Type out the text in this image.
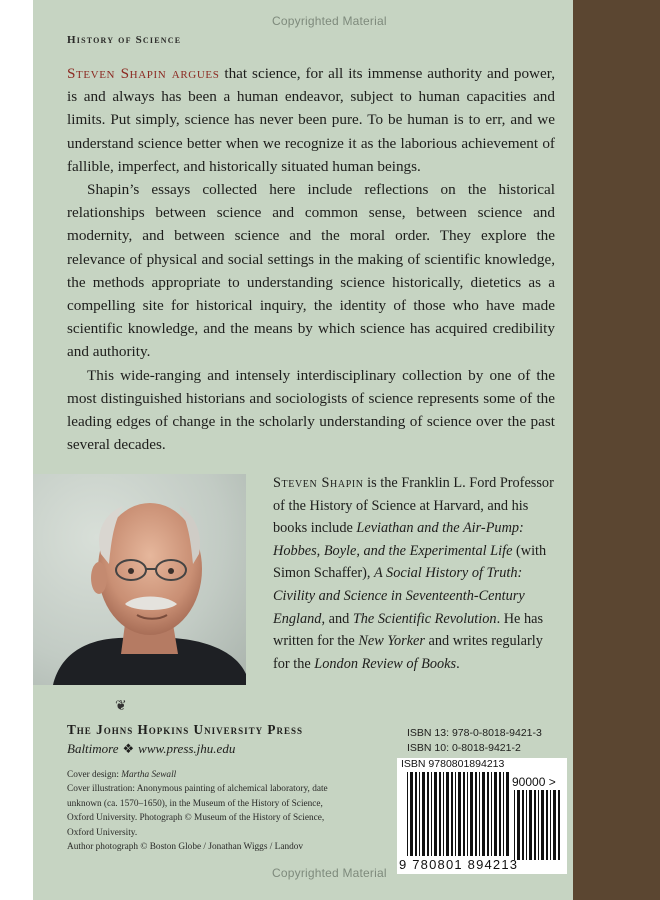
Copyrighted Material
History of Science

Steven Shapin argues that science, for all its immense authority and power, is and always has been a human endeavor, subject to human capacities and limits. Put simply, science has never been pure. To be human is to err, and we understand science better when we recognize it as the laborious achievement of fallible, imperfect, and historically situated human beings.

Shapin’s essays collected here include reflections on the historical relationships between science and common sense, between science and modernity, and between science and the moral order. They explore the relevance of physical and social settings in the making of scientific knowledge, the methods appropriate to understanding science historically, dietetics as a compelling site for historical inquiry, the identity of those who have made scientific knowledge, and the means by which science has acquired credibility and authority.

This wide-ranging and intensely interdisciplinary collection by one of the most distinguished historians and sociologists of science represents some of the leading edges of change in the scholarly understanding of science over the past several decades.

Steven Shapin is the Franklin L. Ford Professor of the History of Science at Harvard, and his books include Leviathan and the Air-Pump: Hobbes, Boyle, and the Experimental Life (with Simon Schaffer), A Social History of Truth: Civility and Science in Seventeenth-Century England, and The Scientific Revolution. He has written for the New Yorker and writes regularly for the London Review of Books.
❦
The Johns Hopkins University Press
Baltimore ❖ www.press.jhu.edu
Cover design: Martha Sewall
Cover illustration: Anonymous painting of alchemical laboratory, date unknown (ca. 1570–1650), in the Museum of the History of Science, Oxford University. Photograph © Museum of the History of Science, Oxford University.
Author photograph © Boston Globe / Jonathan Wiggs / Landov
ISBN 13: 978-0-8018-9421-3
ISBN 10: 0-8018-9421-2
ISBN 9780801894213
90000 >
9 780801 894213
Copyrighted Material
